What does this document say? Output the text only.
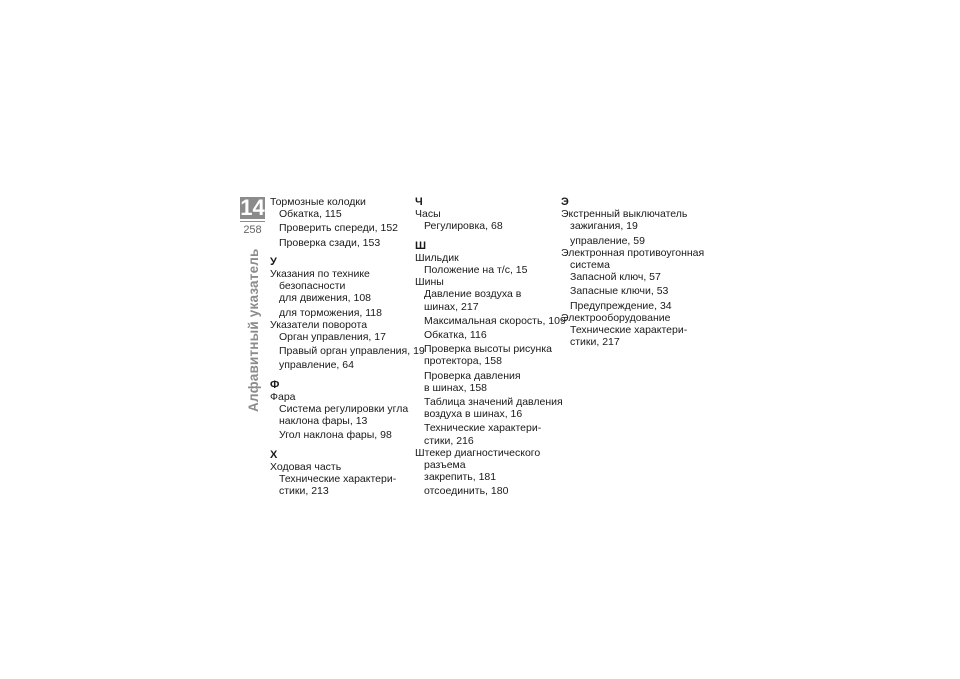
14
258
Алфавитный указатель
Тормозные колодки
Обкатка, 115
Проверить спереди, 152
Проверка сзади, 153
У
Указания по технике
безопасности
для движения, 108
для торможения, 118
Указатели поворота
Орган управления, 17
Правый орган управления, 19
управление, 64
Ф
Фара
Система регулировки угла
наклона фары, 13
Угол наклона фары, 98
Х
Ходовая часть
Технические характери-
стики, 213
Ч
Часы
Регулировка, 68
Ш
Шильдик
Положение на т/с, 15
Шины
Давление воздуха в
шинах, 217
Максимальная скорость, 109
Обкатка, 116
Проверка высоты рисунка
протектора, 158
Проверка давления
в шинах, 158
Таблица значений давления
воздуха в шинах, 16
Технические характери-
стики, 216
Штекер диагностического
разъема
закрепить, 181
отсоединить, 180
Э
Экстренный выключатель
зажигания, 19
управление, 59
Электронная противоугонная
система
Запасной ключ, 57
Запасные ключи, 53
Предупреждение, 34
Электрооборудование
Технические характери-
стики, 217
